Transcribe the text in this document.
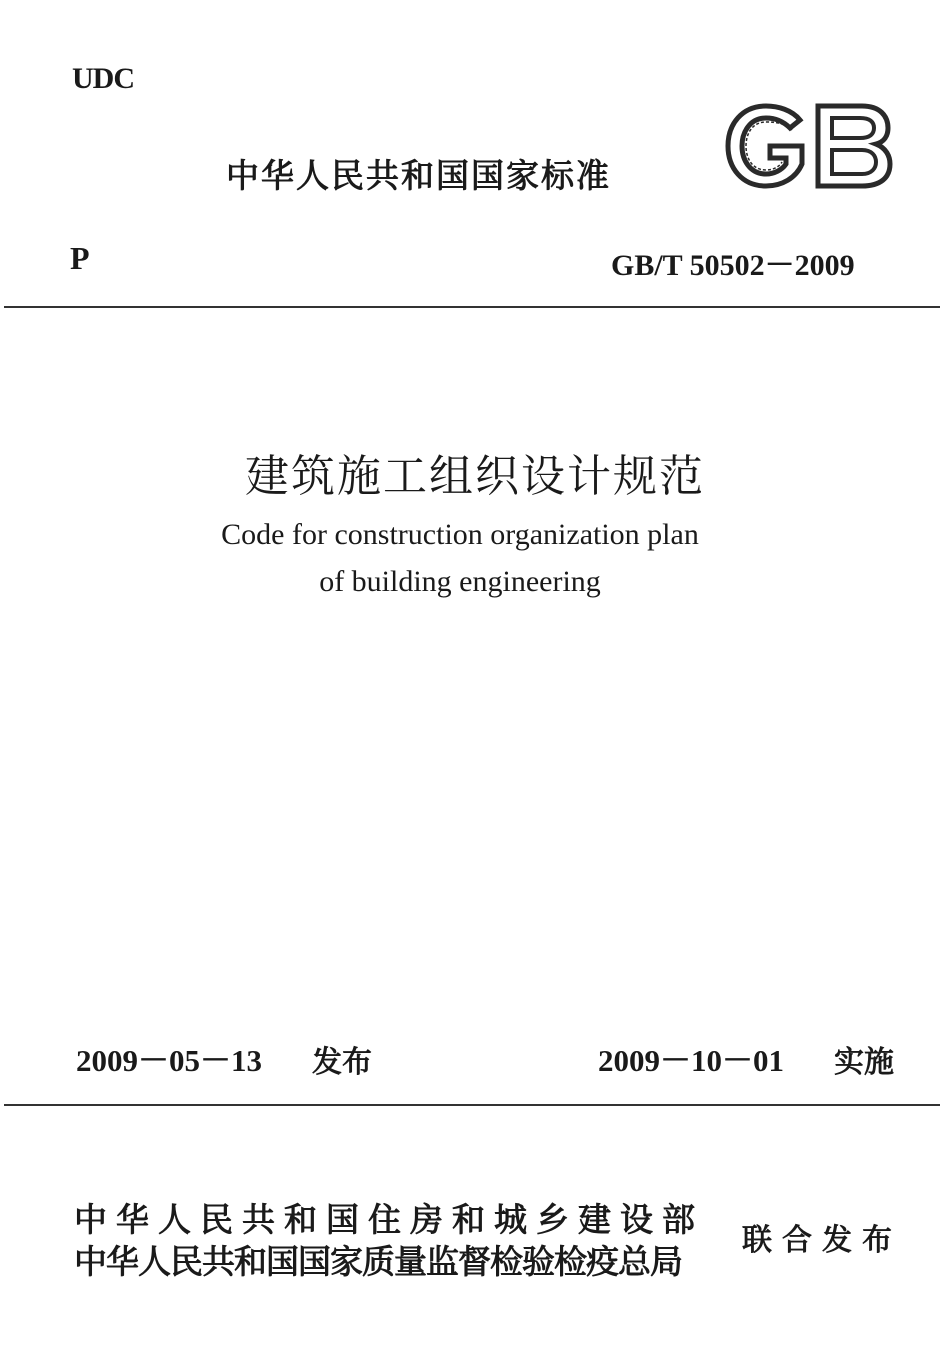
UDC
中华人民共和国国家标准
GB
P	GB/T 50502－2009
建筑施工组织设计规范
Code for construction organization plan
of building engineering
2009－05－13 发布	2009－10－01 实施
中华人民共和国住房和城乡建设部
中华人民共和国国家质量监督检验检疫总局
联合发布
